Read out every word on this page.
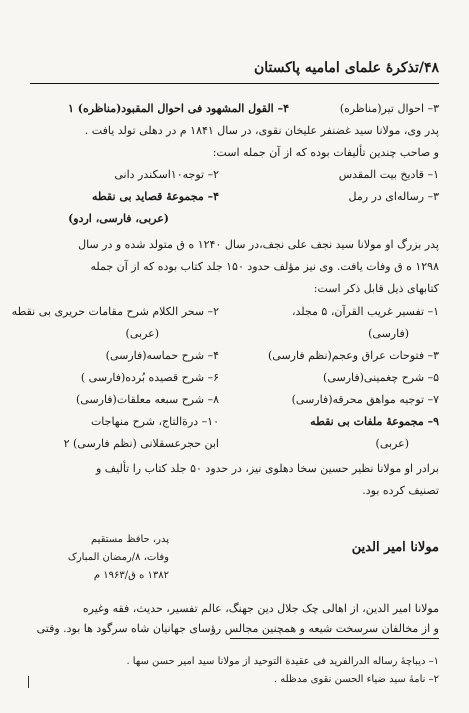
۴۸/تذکرهٔ علمای امامیه پاکستان
۳– احوال تیر(مناظره)
۴– القول المشهود فی احوال المقبود(مناظره) ۱
پدر وی، مولانا سید غضنفر علیخان نقوی، در سال ۱۸۴۱ م در دهلی تولد یافت .
و صاحب چندین تألیفات بوده که از آن جمله است:
۱– قادیخ بیت المقدس
۲– توجه۱۰اسکندر دانی
۳– رساله‌ای در رمل
۴– مجموعهٔ قصاید بی نقطه
(عربی، فارسی، اردو)
پدر بزرگ او مولانا سید نجف علی نجف،در سال ۱۲۴۰ ه ق متولد شده و در سال
۱۲۹۸ ه ق وفات یافت. وی نیز مؤلف حدود ۱۵۰ جلد کتاب بوده که از آن جمله
کتابهای ذیل قابل ذکر است:
۱– تفسیر غریب القرآن، ۵ مجلد،
۲– سحر الکلام شرح مقامات حریری بی نقطه
(فارسی)
(عربی)
۳– فتوحات عراق وعجم(نظم فارسی)
۴– شرح حماسه(فارسی)
۵– شرح چغمینی(فارسی)
۶– شرح قصیده بُرده(فارسی )
۷– توجیه مواهق محرقه(فارسی)
۸– شرح سبعه معلقات(فارسی)
۹– مجموعهٔ ملفات بی نقطه
۱۰– درةالتاج، شرح منهاجات
(عربی)
ابن حجرعسقلانی (نظم فارسی) ۲
برادر او مولانا نظیر حسین سخا دهلوی نیز، در حدود ۵۰ جلد کتاب را تألیف و
تصنیف کرده بود.
مولانا امیر الدین
پدر، حافظ مستقیم
وفات، ۸/رمضان المبارک
۱۳۸۲ ه ق/۱۹۶۳ م
مولانا امیر الدین، از اهالی چک جلال دین جهنگ، عالم تفسیر، حدیث، فقه وغیره
و از مخالفان سرسخت شیعه و همچنین مجالس رؤسای جهانیان شاه سرگود ها بود. وقتی
۱– دیباچهٔ رساله الدرالفرید فی عقیدة التوحید از مولانا سید امیر حسن سها .
۲– نامهٔ سید ضیاء الحسن نقوی مدظله .
